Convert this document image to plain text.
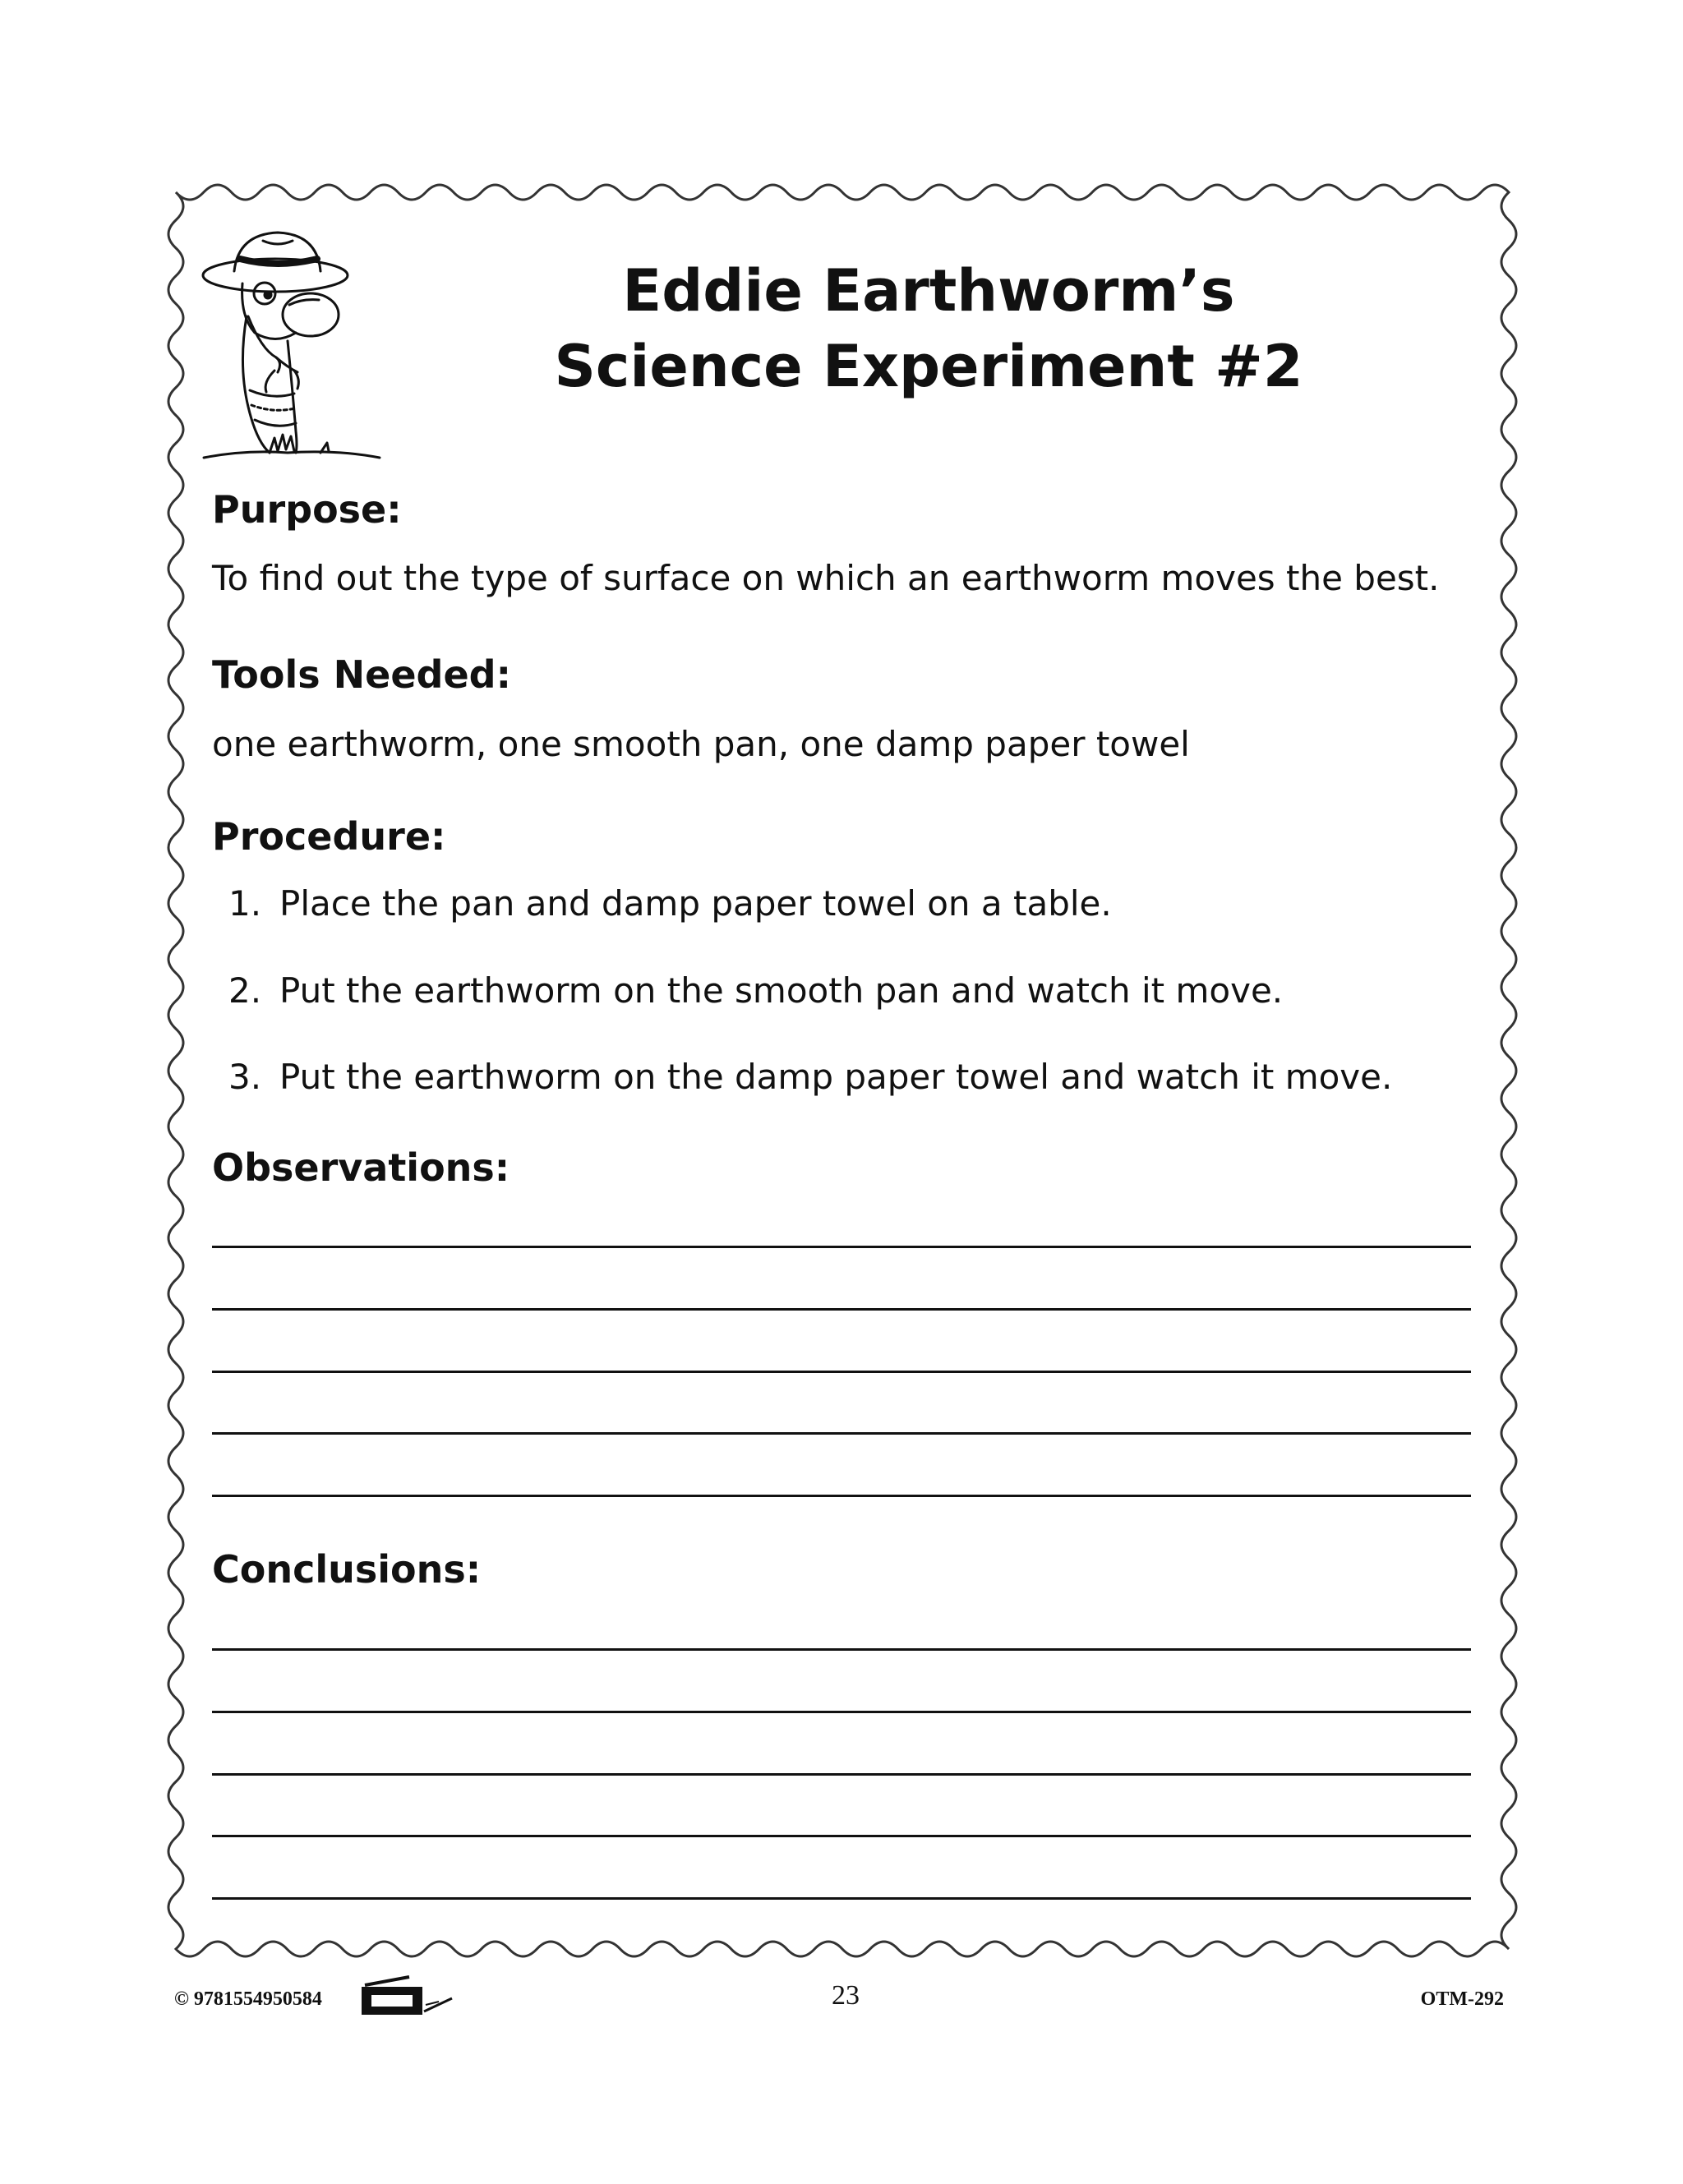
Eddie Earthworm’s
Science Experiment #2
Purpose:
To find out the type of surface on which an earthworm moves the best.
Tools Needed:
one earthworm, one smooth pan, one damp paper towel
Procedure:
1. Place the pan and damp paper towel on a table.
2. Put the earthworm on the smooth pan and watch it move.
3. Put the earthworm on the damp paper towel and watch it move.
Observations:
Conclusions:
© 9781554950584	23	OTM-292
